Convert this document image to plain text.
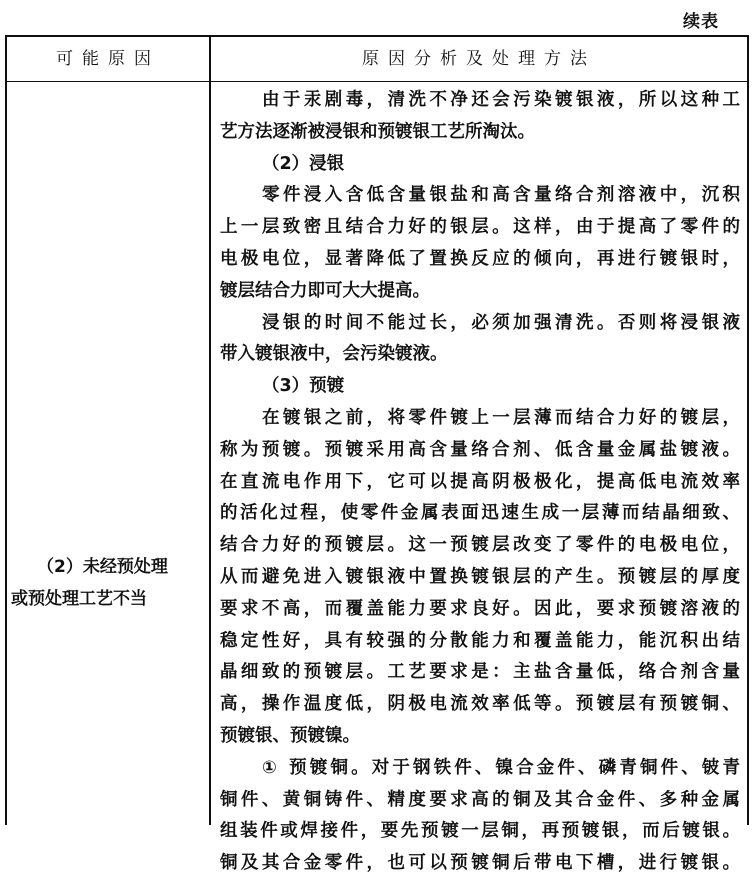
续表
可能原因	原因分析及处理方法
（2）未经预处理
或预处理工艺不当
由于汞剧毒，清洗不净还会污染镀银液，所以这种工
艺方法逐渐被浸银和预镀银工艺所淘汰。
（2）浸银
零件浸入含低含量银盐和高含量络合剂溶液中，沉积
上一层致密且结合力好的银层。这样，由于提高了零件的
电极电位，显著降低了置换反应的倾向，再进行镀银时，
镀层结合力即可大大提高。
浸银的时间不能过长，必须加强清洗。否则将浸银液
带入镀银液中，会污染镀液。
（3）预镀
在镀银之前，将零件镀上一层薄而结合力好的镀层，
称为预镀。预镀采用高含量络合剂、低含量金属盐镀液。
在直流电作用下，它可以提高阴极极化，提高低电流效率
的活化过程，使零件金属表面迅速生成一层薄而结晶细致、
结合力好的预镀层。这一预镀层改变了零件的电极电位，
从而避免进入镀银液中置换镀银层的产生。预镀层的厚度
要求不高，而覆盖能力要求良好。因此，要求预镀溶液的
稳定性好，具有较强的分散能力和覆盖能力，能沉积出结
晶细致的预镀层。工艺要求是：主盐含量低，络合剂含量
高，操作温度低，阴极电流效率低等。预镀层有预镀铜、
预镀银、预镀镍。
① 预镀铜。对于钢铁件、镍合金件、磷青铜件、铍青
铜件、黄铜铸件、精度要求高的铜及其合金件、多种金属
组装件或焊接件，要先预镀一层铜，再预镀银，而后镀银。
铜及其合金零件，也可以预镀铜后带电下槽，进行镀银。
